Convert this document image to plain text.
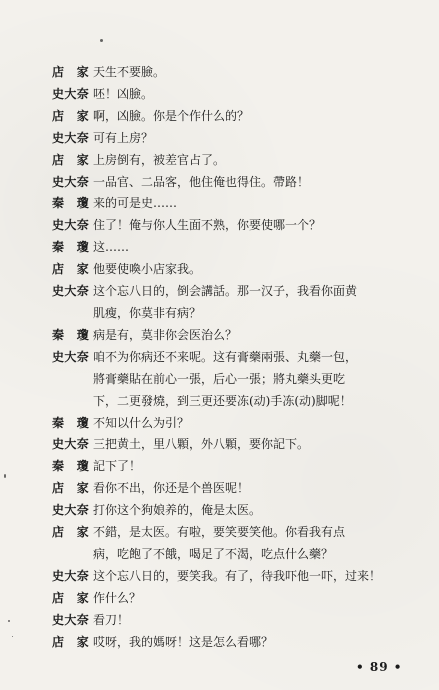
店　家 天生不要臉。
史大奈 呸！凶臉。
店　家 啊，凶臉。你是个作什么的？
史大奈 可有上房？
店　家 上房倒有，被差官占了。
史大奈 一品官、二品客，他住俺也得住。帶路！
秦　瓊 来的可是史……
史大奈 住了！俺与你人生面不熟，你要使哪一个？
秦　瓊 这……
店　家 他要使喚小店家我。
史大奈 这个忘八日的，倒会講話。那一汉子，我看你面黄
肌瘦，你莫非有病？
秦　瓊 病是有，莫非你会医治么？
史大奈 咱不为你病还不来呢。这有膏藥兩張、丸藥一包，
將膏藥貼在前心一張，后心一張；將丸藥头更吃
下，二更發燒，到三更还要冻(动)手冻(动)脚呢！
秦　瓊 不知以什么为引？
史大奈 三把黄土，里八顆，外八顆，要你記下。
秦　瓊 記下了！
店　家 看你不出，你还是个兽医呢！
史大奈 打你这个狗娘养的，俺是太医。
店　家 不錯，是太医。有啦，要笑要笑他。你看我有点
病，吃飽了不餓，喝足了不渴，吃点什么藥？
史大奈 这个忘八日的，要笑我。有了，待我吓他一吓，过来！
店　家 作什么？
史大奈 看刀！
店　家 哎呀，我的媽呀！这是怎么看哪？
• 89 •
